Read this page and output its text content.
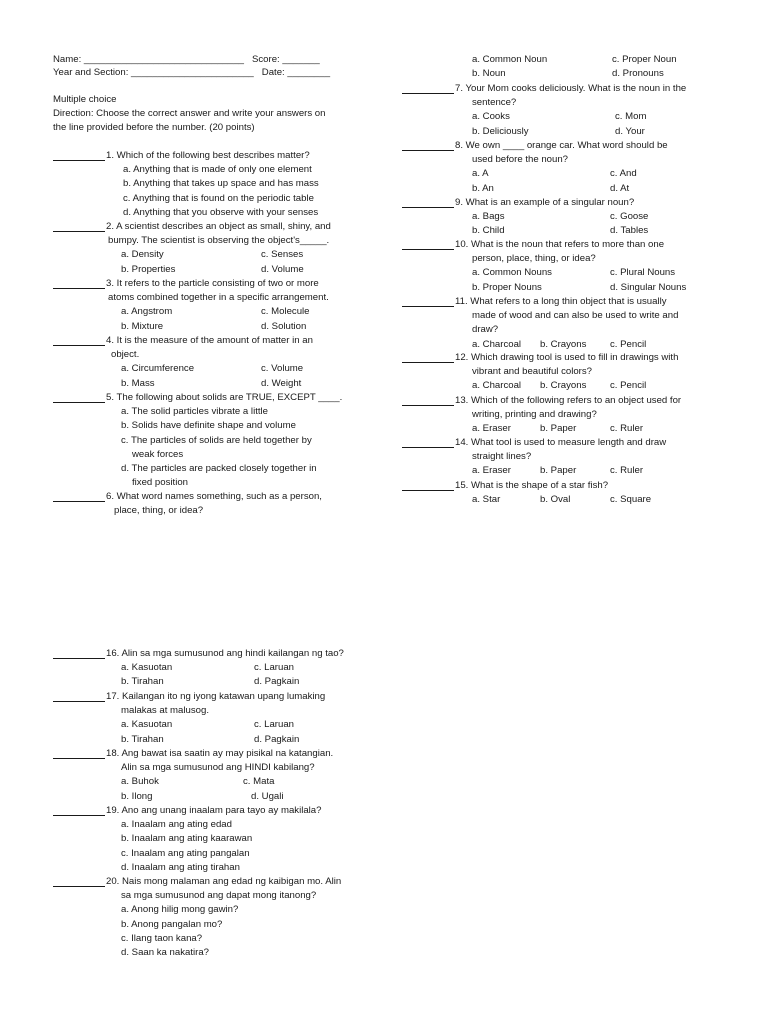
Name: ______________________________   Score: _______
Year and Section: _______________________   Date: ________
Multiple choice
Direction: Choose the correct answer and write your answers on
the line provided before the number. (20 points)
1. Which of the following best describes matter?
a. Anything that is made of only one element
b. Anything that takes up space and has mass
c. Anything that is found on the periodic table
d. Anything that you observe with your senses
2. A scientist describes an object as small, shiny, and
bumpy. The scientist is observing the object's_____.
a. Density	c. Senses
b. Properties	d. Volume
3. It refers to the particle consisting of two or more
atoms combined together in a specific arrangement.
a. Angstrom	c. Molecule
b. Mixture	d. Solution
4. It is the measure of the amount of matter in an
object.
a. Circumference	c. Volume
b. Mass	d. Weight
5. The following about solids are TRUE, EXCEPT ____.
a. The solid particles vibrate a little
b. Solids have definite shape and volume
c. The particles of solids are held together by
weak forces
d. The particles are packed closely together in
fixed position
6. What word names something, such as a person,
place, thing, or idea?
a. Common Noun	c. Proper Noun
b. Noun	d. Pronouns
7. Your Mom cooks deliciously. What is the noun in the
sentence?
a. Cooks	c. Mom
b. Deliciously	d. Your
8. We own ____ orange car. What word should be
used before the noun?
a. A	c. And
b. An	d. At
9. What is an example of a singular noun?
a. Bags	c. Goose
b. Child	d. Tables
10. What is the noun that refers to more than one
person, place, thing, or idea?
a. Common Nouns	c. Plural Nouns
b. Proper Nouns	d. Singular Nouns
11. What refers to a long thin object that is usually
made of wood and can also be used to write and
draw?
a. Charcoal	b. Crayons	c. Pencil
12. Which drawing tool is used to fill in drawings with
vibrant and beautiful colors?
a. Charcoal	b. Crayons	c. Pencil
13. Which of the following refers to an object used for
writing, printing and drawing?
a. Eraser	b. Paper	c. Ruler
14. What tool is used to measure length and draw
straight lines?
a. Eraser	b. Paper	c. Ruler
15. What is the shape of a star fish?
a. Star	b. Oval	c. Square
16. Alin sa mga sumusunod ang hindi kailangan ng tao?
a. Kasuotan	c. Laruan
b. Tirahan	d. Pagkain
17. Kailangan ito ng iyong katawan upang lumaking
malakas at malusog.
a. Kasuotan	c. Laruan
b. Tirahan	d. Pagkain
18. Ang bawat isa saatin ay may pisikal na katangian.
Alin sa mga sumusunod ang HINDI kabilang?
a. Buhok	c. Mata
b. Ilong	d. Ugali
19. Ano ang unang inaalam para tayo ay makilala?
a. Inaalam ang ating edad
b. Inaalam ang ating kaarawan
c. Inaalam ang ating pangalan
d. Inaalam ang ating tirahan
20. Nais mong malaman ang edad ng kaibigan mo. Alin
sa mga sumusunod ang dapat mong itanong?
a. Anong hilig mong gawin?
b. Anong pangalan mo?
c. Ilang taon kana?
d. Saan ka nakatira?
